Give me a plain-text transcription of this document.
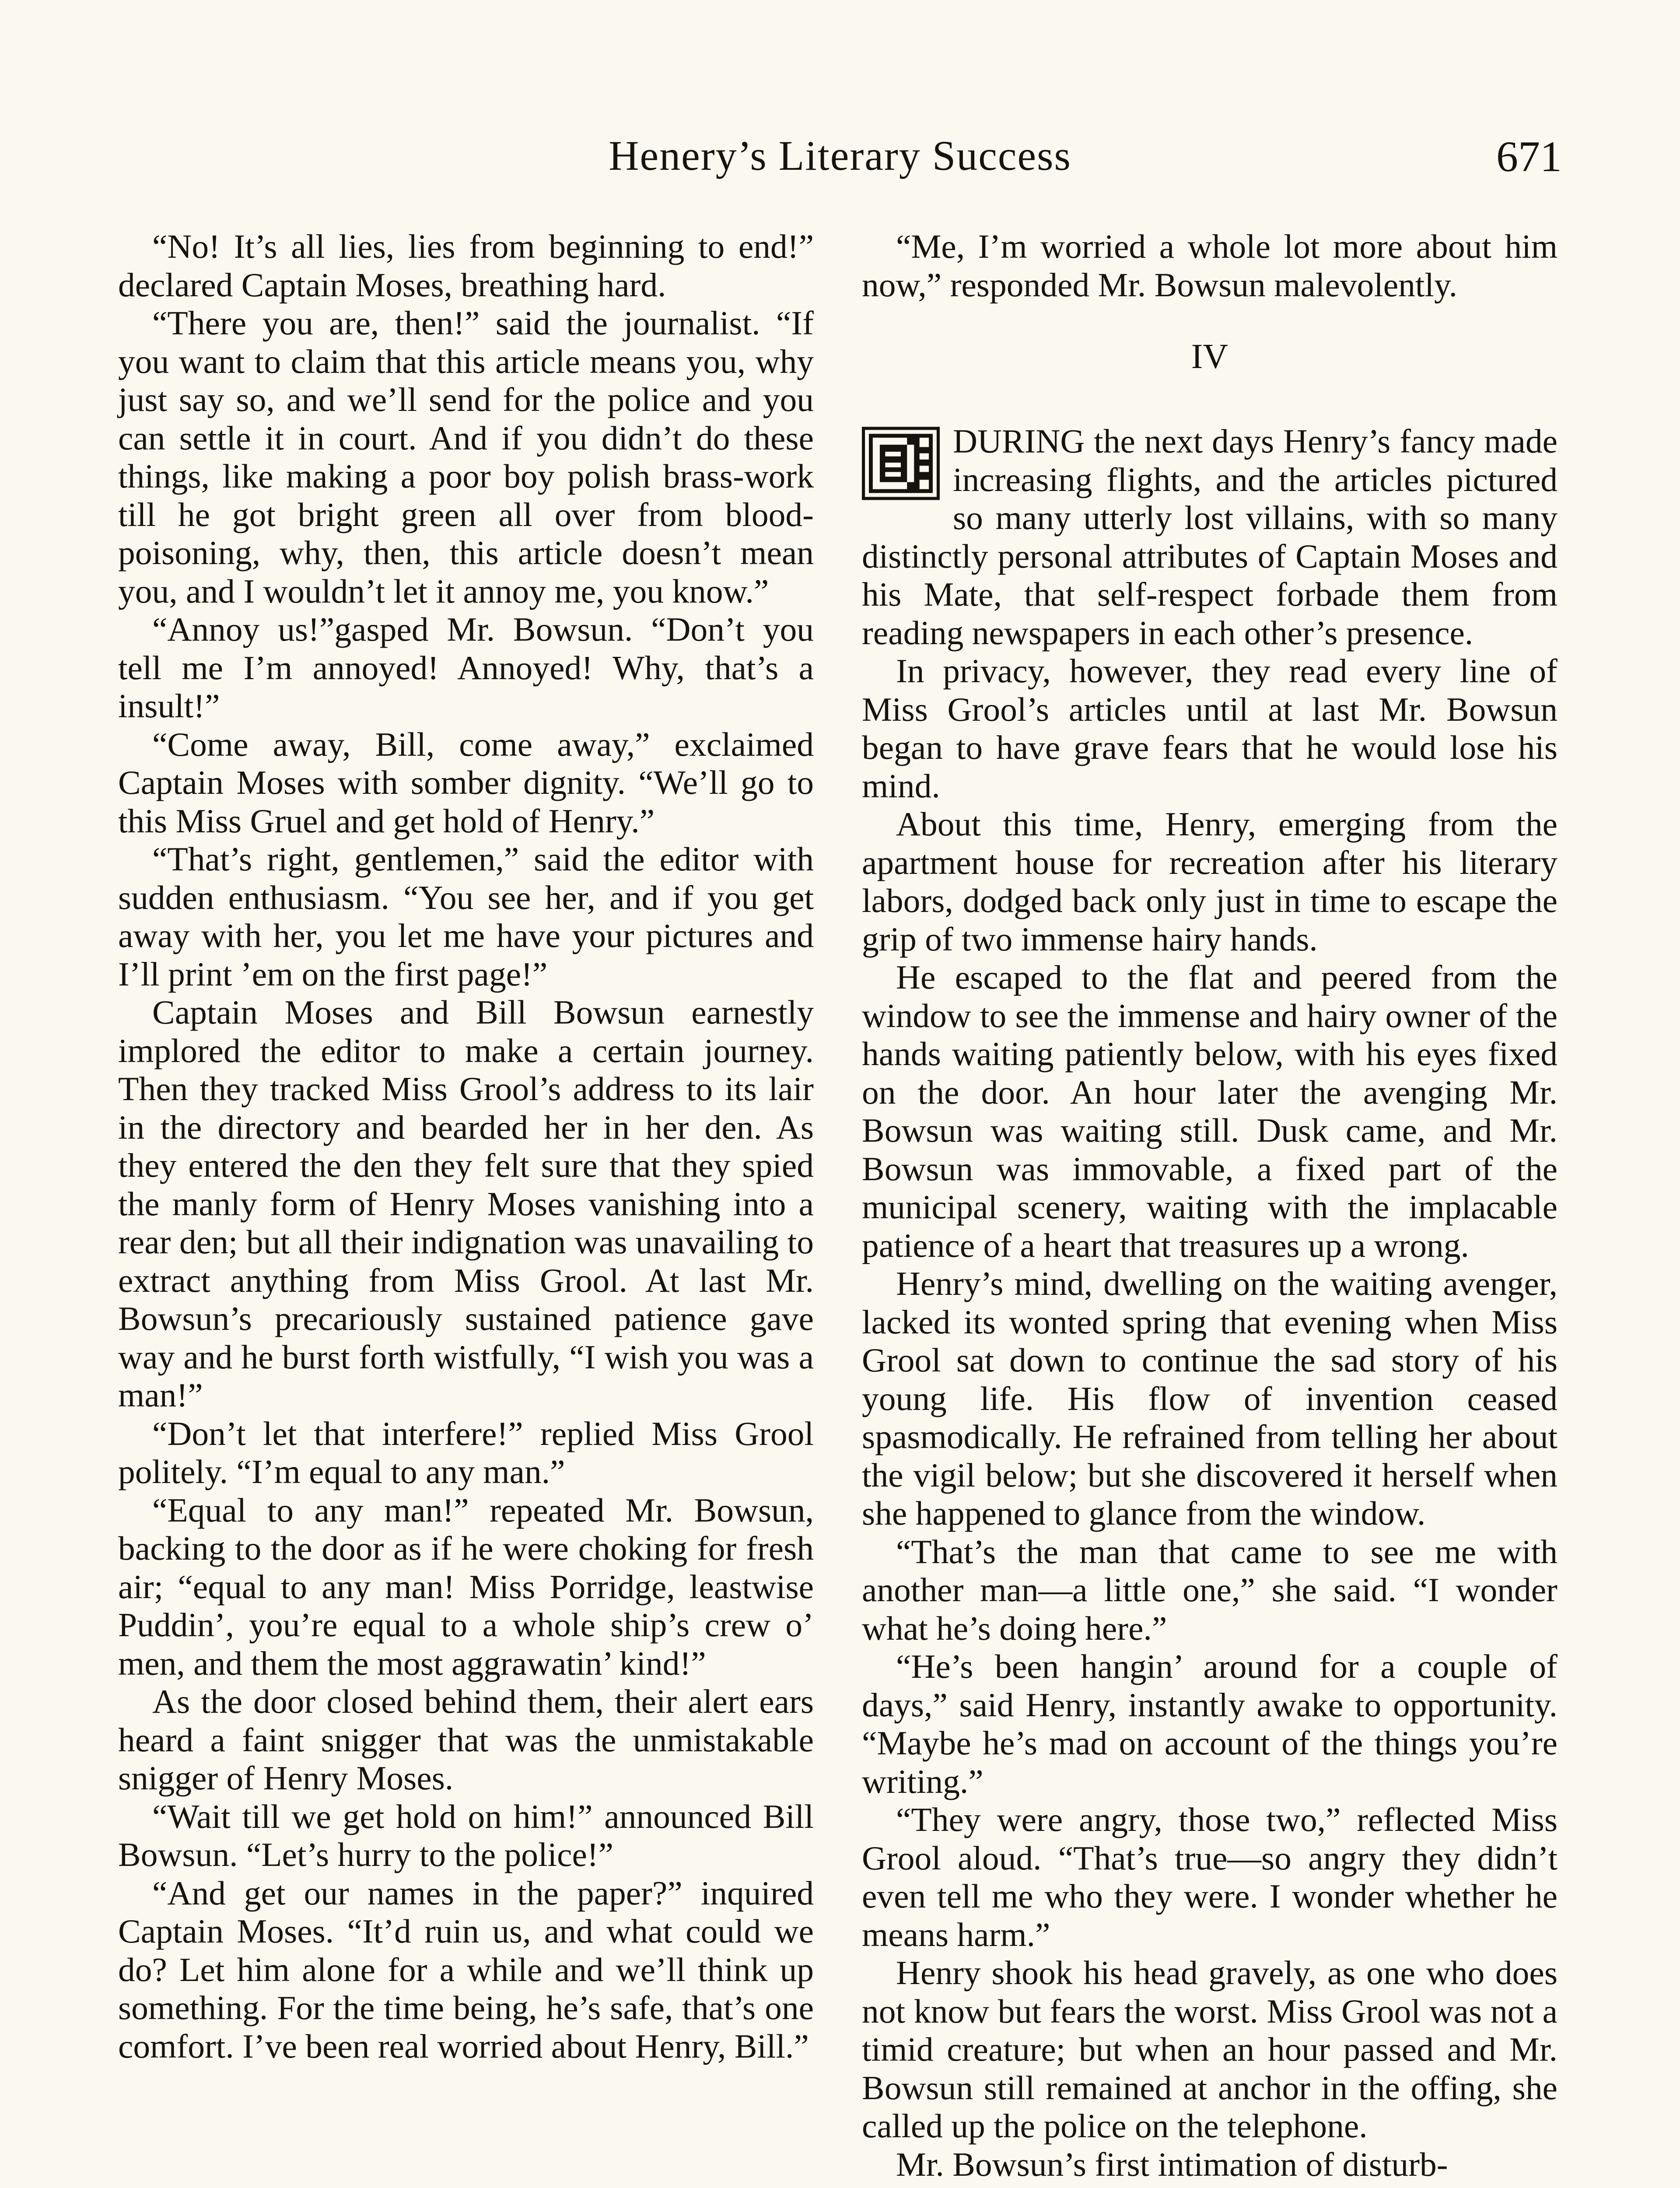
Henery’s Literary Success	671

“No! It’s all lies, lies from beginning to end!” declared Captain Moses, breathing hard.

“There you are, then!” said the journalist. “If you want to claim that this article means you, why just say so, and we’ll send for the police and you can settle it in court. And if you didn’t do these things, like making a poor boy polish brass-work till he got bright green all over from blood-poisoning, why, then, this article doesn’t mean you, and I wouldn’t let it annoy me, you know.”

“Annoy us!”gasped Mr. Bowsun. “Don’t you tell me I’m annoyed! Annoyed! Why, that’s a insult!”

“Come away, Bill, come away,” exclaimed Captain Moses with somber dignity. “We’ll go to this Miss Gruel and get hold of Henry.”

“That’s right, gentlemen,” said the editor with sudden enthusiasm. “You see her, and if you get away with her, you let me have your pictures and I’ll print ’em on the first page!”

Captain Moses and Bill Bowsun earnestly implored the editor to make a certain journey. Then they tracked Miss Grool’s address to its lair in the directory and bearded her in her den. As they entered the den they felt sure that they spied the manly form of Henry Moses vanishing into a rear den; but all their indignation was unavailing to extract anything from Miss Grool. At last Mr. Bowsun’s precariously sustained patience gave way and he burst forth wistfully, “I wish you was a man!”

“Don’t let that interfere!” replied Miss Grool politely. “I’m equal to any man.”

“Equal to any man!” repeated Mr. Bowsun, backing to the door as if he were choking for fresh air; “equal to any man! Miss Porridge, leastwise Puddin’, you’re equal to a whole ship’s crew o’ men, and them the most aggrawatin’ kind!”

As the door closed behind them, their alert ears heard a faint snigger that was the unmistakable snigger of Henry Moses.

“Wait till we get hold on him!” announced Bill Bowsun. “Let’s hurry to the police!”

“And get our names in the paper?” inquired Captain Moses. “It’d ruin us, and what could we do? Let him alone for a while and we’ll think up something. For the time being, he’s safe, that’s one comfort. I’ve been real worried about Henry, Bill.”

“Me, I’m worried a whole lot more about him now,” responded Mr. Bowsun malevolently.

IV

DURING the next days Henry’s fancy made increasing flights, and the articles pictured so many utterly lost villains, with so many distinctly personal attributes of Captain Moses and his Mate, that self-respect forbade them from reading newspapers in each other’s presence.

In privacy, however, they read every line of Miss Grool’s articles until at last Mr. Bowsun began to have grave fears that he would lose his mind.

About this time, Henry, emerging from the apartment house for recreation after his literary labors, dodged back only just in time to escape the grip of two immense hairy hands.

He escaped to the flat and peered from the window to see the immense and hairy owner of the hands waiting patiently below, with his eyes fixed on the door. An hour later the avenging Mr. Bowsun was waiting still. Dusk came, and Mr. Bowsun was immovable, a fixed part of the municipal scenery, waiting with the implacable patience of a heart that treasures up a wrong.

Henry’s mind, dwelling on the waiting avenger, lacked its wonted spring that evening when Miss Grool sat down to continue the sad story of his young life. His flow of invention ceased spasmodically. He refrained from telling her about the vigil below; but she discovered it herself when she happened to glance from the window.

“That’s the man that came to see me with another man—a little one,” she said. “I wonder what he’s doing here.”

“He’s been hangin’ around for a couple of days,” said Henry, instantly awake to opportunity. “Maybe he’s mad on account of the things you’re writing.”

“They were angry, those two,” reflected Miss Grool aloud. “That’s true—so angry they didn’t even tell me who they were. I wonder whether he means harm.”

Henry shook his head gravely, as one who does not know but fears the worst. Miss Grool was not a timid creature; but when an hour passed and Mr. Bowsun still remained at anchor in the offing, she called up the police on the telephone.

Mr. Bowsun’s first intimation of disturb-
